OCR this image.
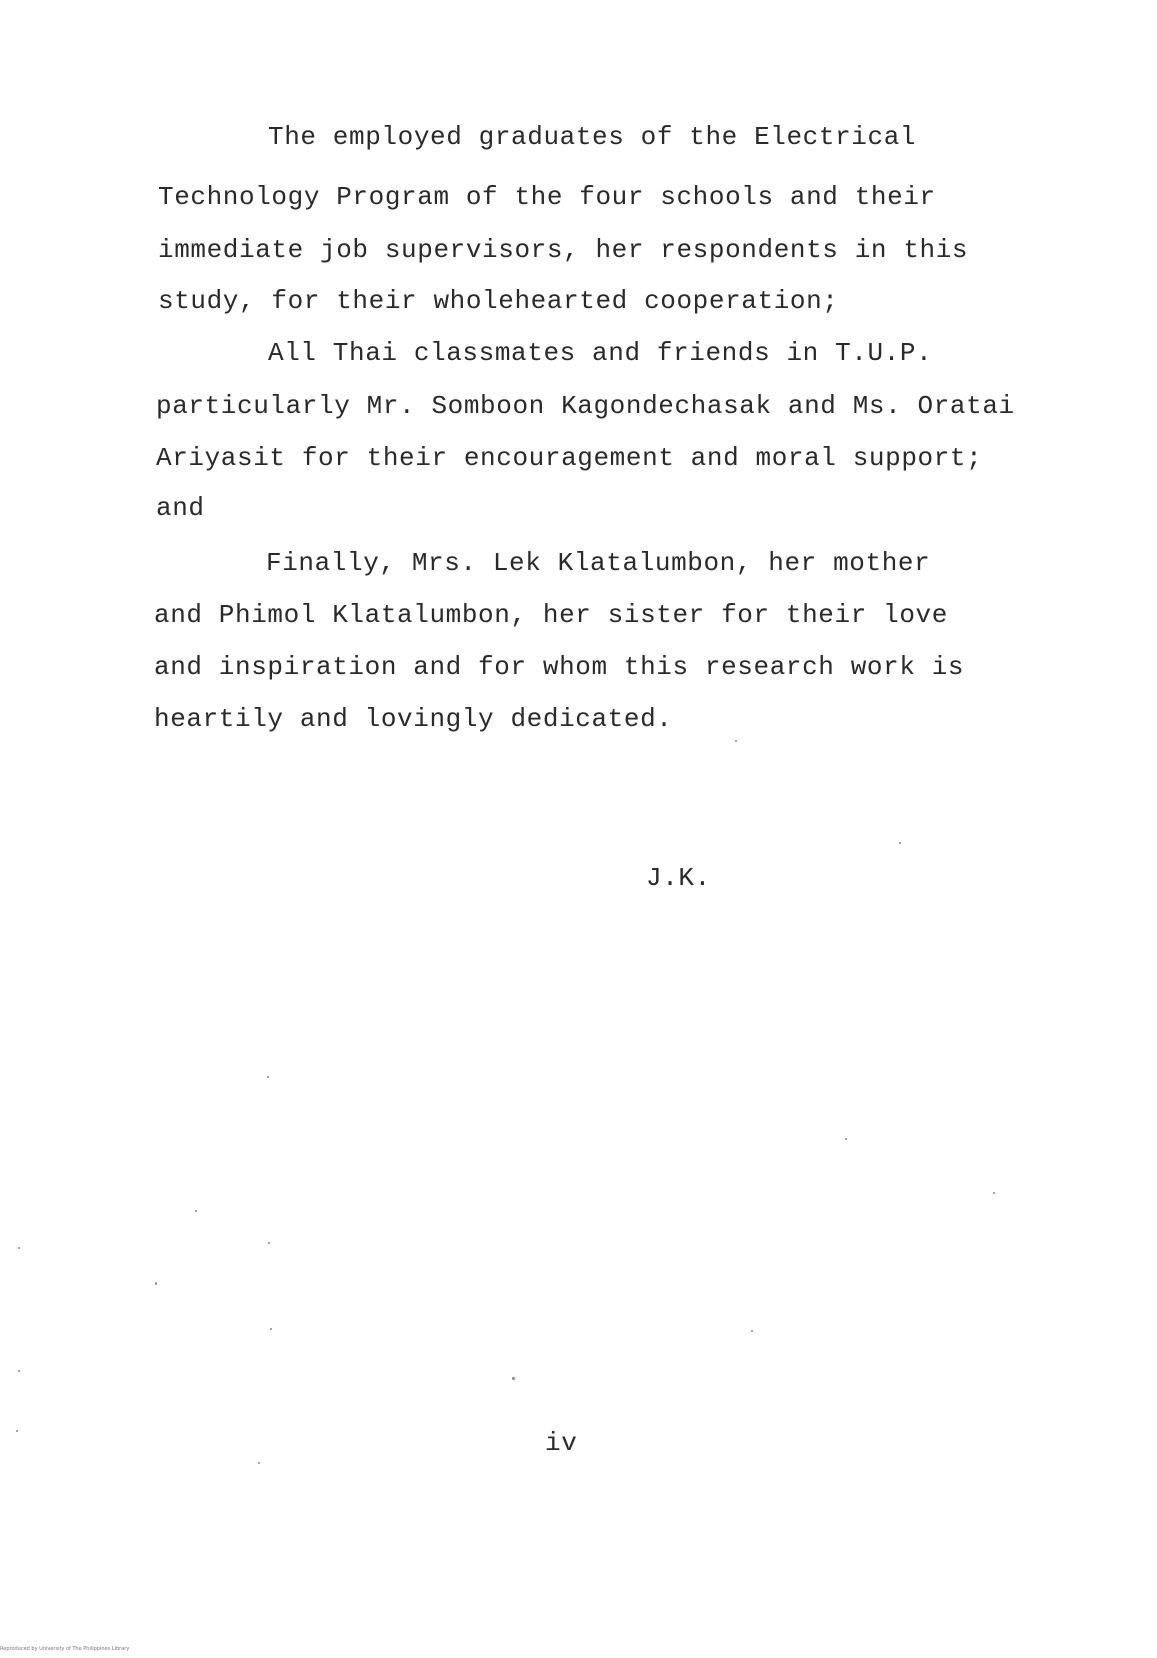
The employed graduates of the Electrical
Technology Program of the four schools and their
immediate job supervisors, her respondents in this
study, for their wholehearted cooperation;
All Thai classmates and friends in T.U.P.
particularly Mr. Somboon Kagondechasak and Ms. Oratai
Ariyasit for their encouragement and moral support;
and
Finally, Mrs. Lek Klatalumbon, her mother
and Phimol Klatalumbon, her sister for their love
and inspiration and for whom this research work is
heartily and lovingly dedicated.
J.K.
iv
Reproduced by University of The Philippines Library
